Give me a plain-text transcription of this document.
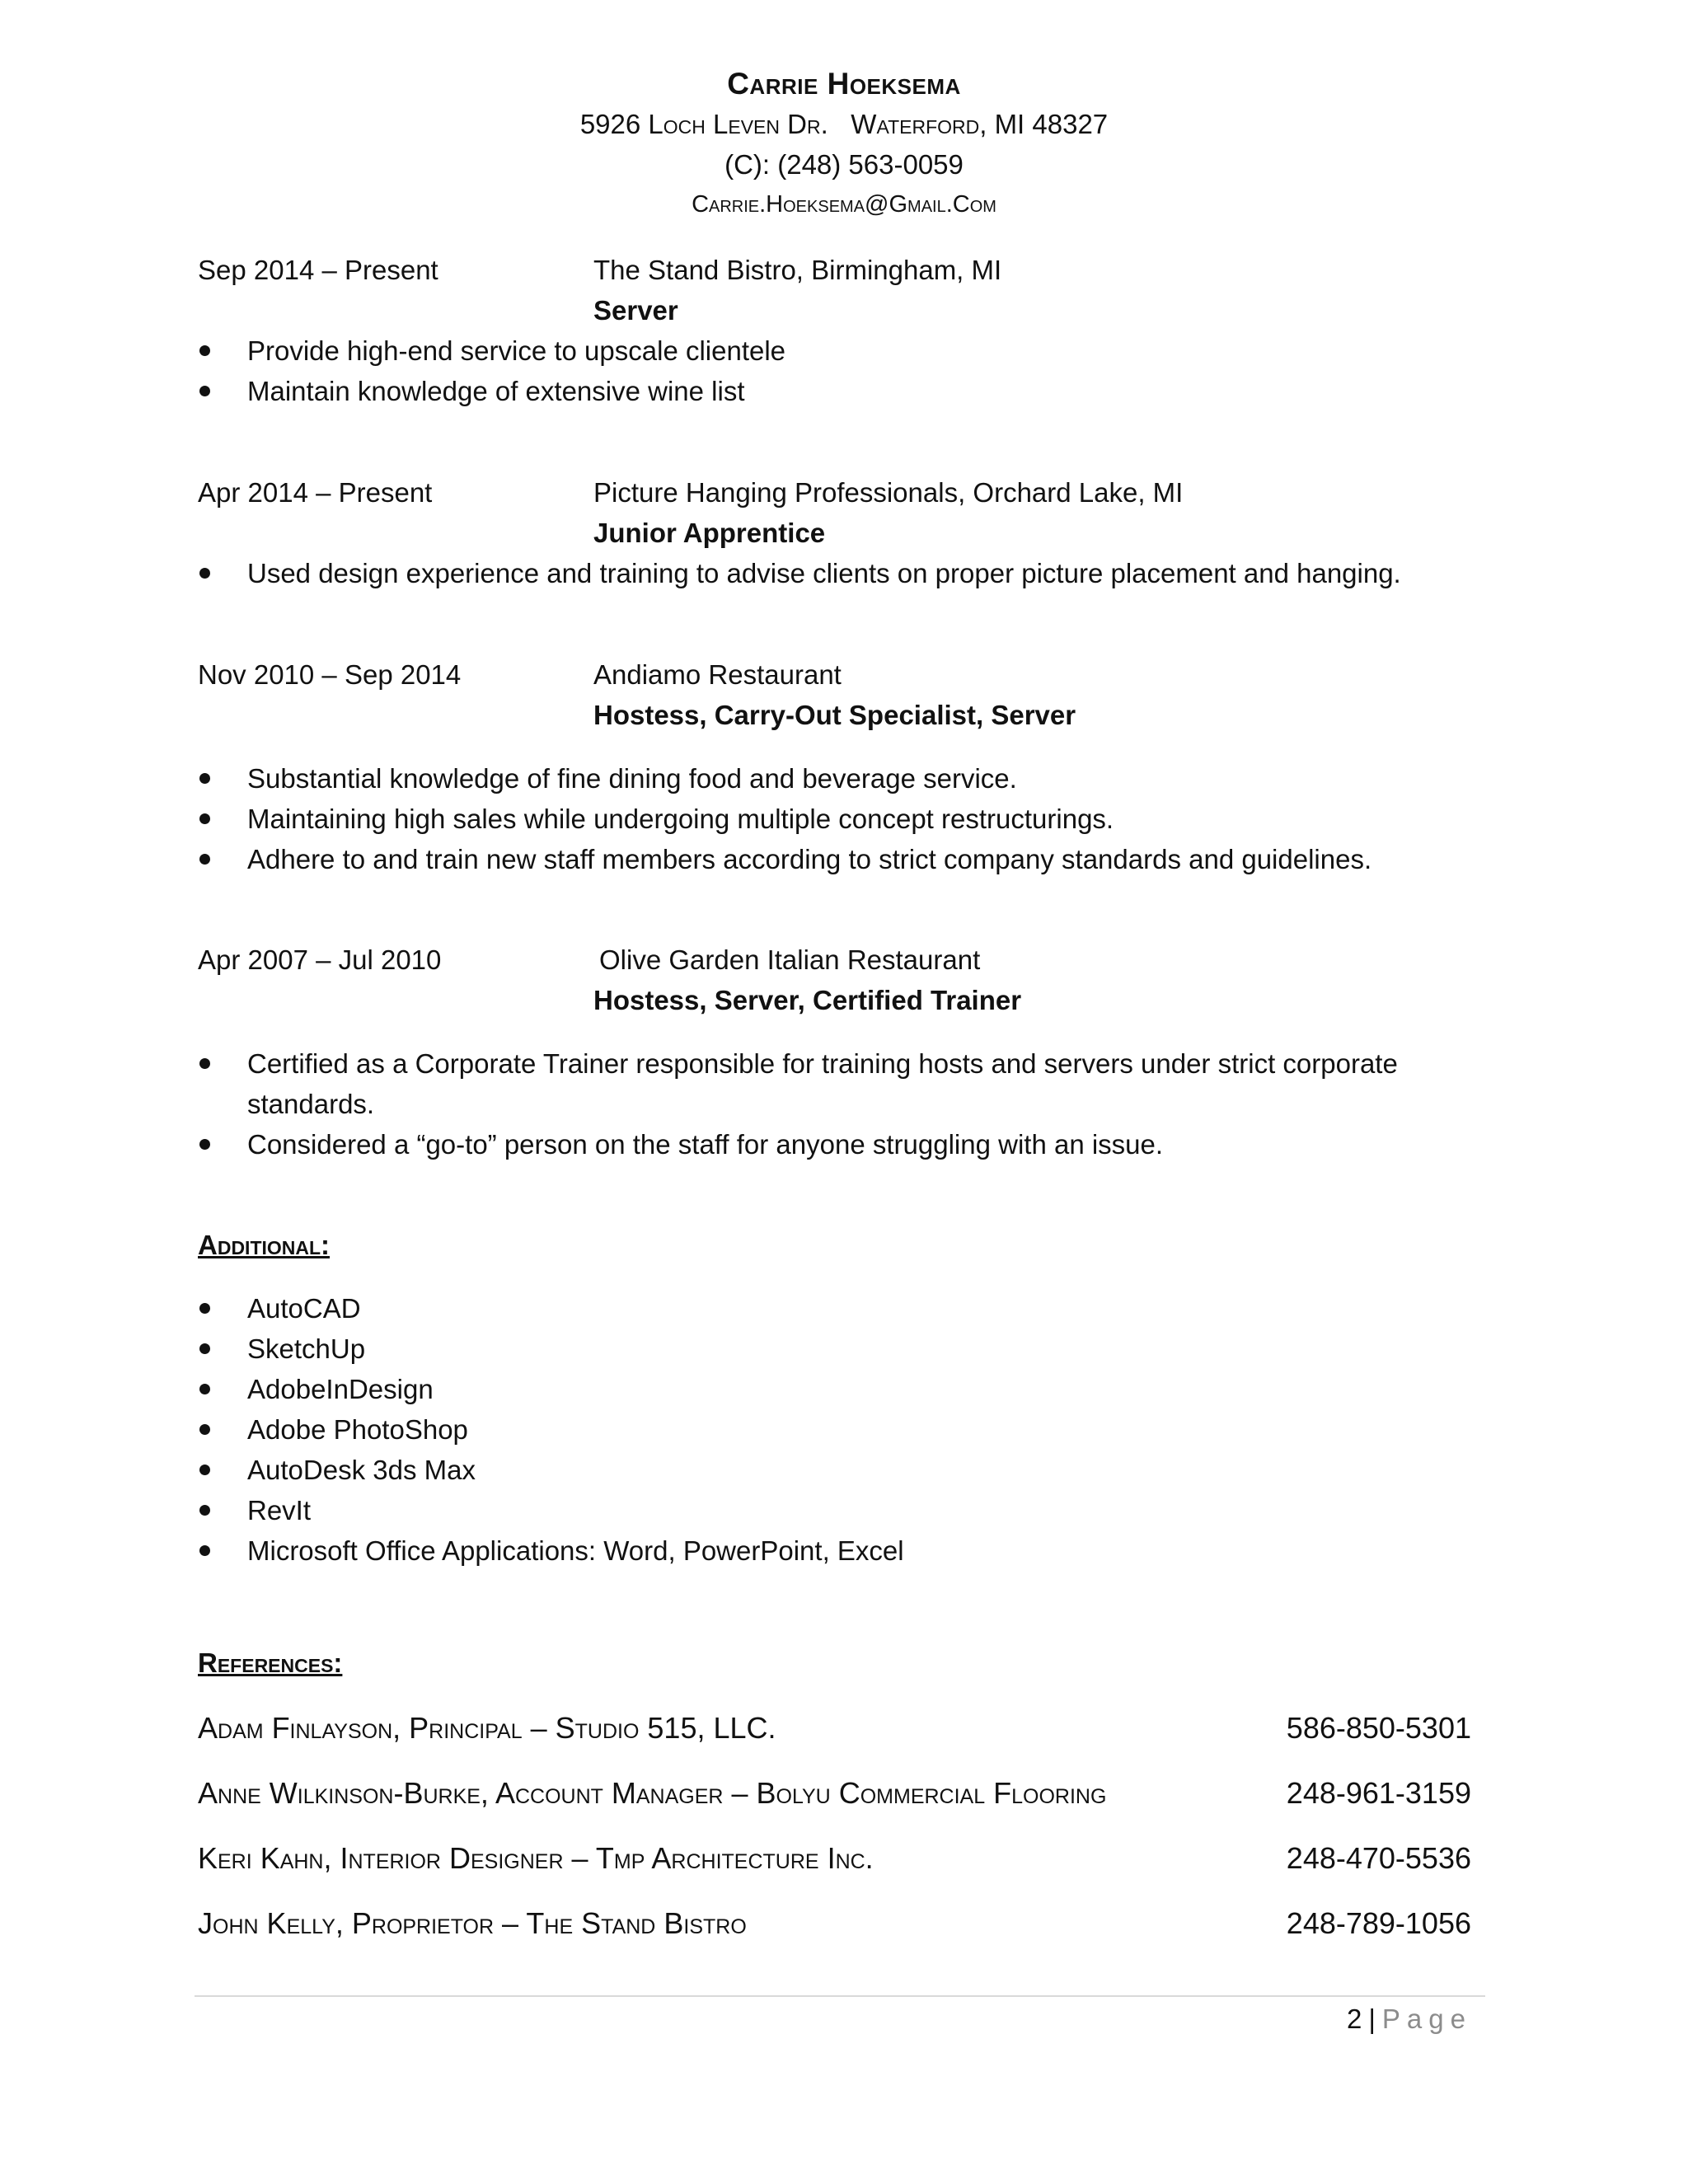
Carrie Hoeksema
5926 Loch Leven Dr.   Waterford, MI 48327
(C): (248) 563-0059
Carrie.Hoeksema@Gmail.Com
Sep 2014 – Present	The Stand Bistro, Birmingham, MI
Server
Provide high-end service to upscale clientele
Maintain knowledge of extensive wine list
Apr 2014 – Present	Picture Hanging Professionals, Orchard Lake, MI
Junior Apprentice
Used design experience and training to advise clients on proper picture placement and hanging.
Nov 2010 – Sep 2014	Andiamo Restaurant
Hostess, Carry-Out Specialist, Server
Substantial knowledge of fine dining food and beverage service.
Maintaining high sales while undergoing multiple concept restructurings.
Adhere to and train new staff members according to strict company standards and guidelines.
Apr 2007 – Jul 2010	Olive Garden Italian Restaurant
Hostess, Server, Certified Trainer
Certified as a Corporate Trainer responsible for training hosts and servers under strict corporate standards.
Considered a “go-to” person on the staff for anyone struggling with an issue.
Additional:
AutoCAD
SketchUp
AdobeInDesign
Adobe PhotoShop
AutoDesk 3ds Max
RevIt
Microsoft Office Applications: Word, PowerPoint, Excel
References:
Adam Finlayson, Principal – Studio 515, LLC.	586-850-5301
Anne Wilkinson-Burke, Account Manager – Bolyu Commercial Flooring	248-961-3159
Keri Kahn, Interior Designer – Tmp Architecture Inc.	248-470-5536
John Kelly, Proprietor – The Stand Bistro	248-789-1056
2 | Page
